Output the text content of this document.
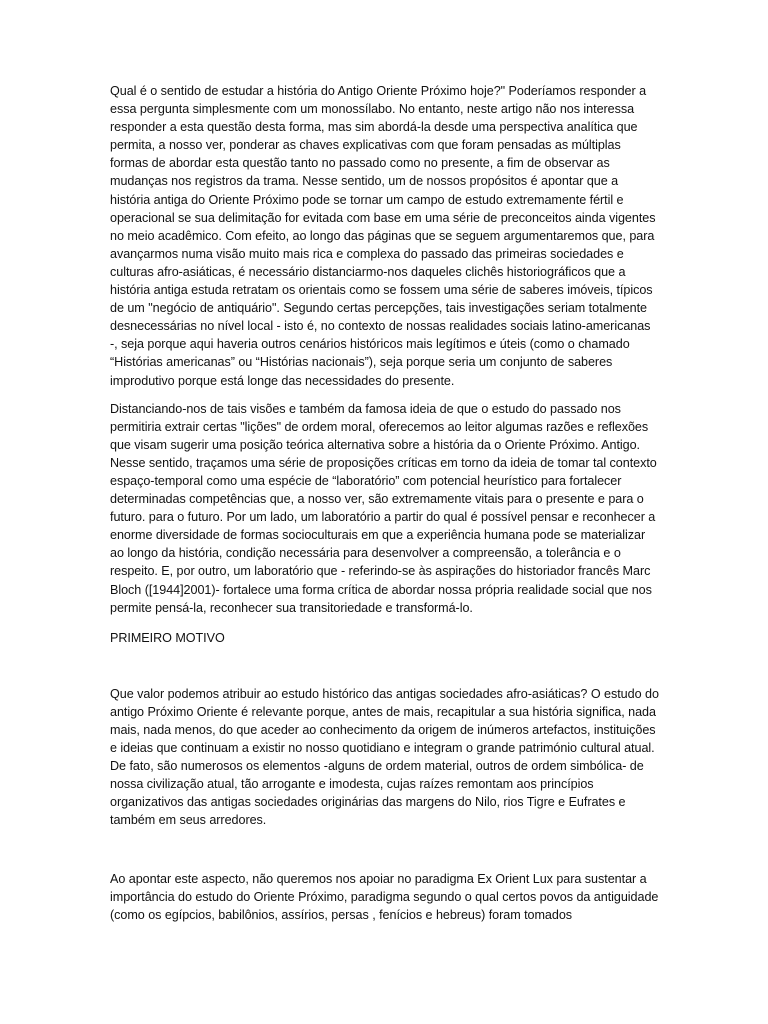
Qual é o sentido de estudar a história do Antigo Oriente Próximo hoje?" Poderíamos responder a essa pergunta simplesmente com um monossílabo. No entanto, neste artigo não nos interessa responder a esta questão desta forma, mas sim abordá-la desde uma perspectiva analítica que permita, a nosso ver, ponderar as chaves explicativas com que foram pensadas as múltiplas formas de abordar esta questão tanto no passado como no presente, a fim de observar as mudanças nos registros da trama. Nesse sentido, um de nossos propósitos é apontar que a história antiga do Oriente Próximo pode se tornar um campo de estudo extremamente fértil e operacional se sua delimitação for evitada com base em uma série de preconceitos ainda vigentes no meio acadêmico. Com efeito, ao longo das páginas que se seguem argumentaremos que, para avançarmos numa visão muito mais rica e complexa do passado das primeiras sociedades e culturas afro-asiáticas, é necessário distanciarmo-nos daqueles clichês historiográficos que a história antiga estuda retratam os orientais como se fossem uma série de saberes imóveis, típicos de um "negócio de antiquário". Segundo certas percepções, tais investigações seriam totalmente desnecessárias no nível local - isto é, no contexto de nossas realidades sociais latino-americanas -, seja porque aqui haveria outros cenários históricos mais legítimos e úteis (como o chamado “Histórias americanas” ou “Histórias nacionais”), seja porque seria um conjunto de saberes improdutivo porque está longe das necessidades do presente.

Distanciando-nos de tais visões e também da famosa ideia de que o estudo do passado nos permitiria extrair certas "lições" de ordem moral, oferecemos ao leitor algumas razões e reflexões que visam sugerir uma posição teórica alternativa sobre a história da o Oriente Próximo. Antigo. Nesse sentido, traçamos uma série de proposições críticas em torno da ideia de tomar tal contexto espaço-temporal como uma espécie de “laboratório” com potencial heurístico para fortalecer determinadas competências que, a nosso ver, são extremamente vitais para o presente e para o futuro. para o futuro. Por um lado, um laboratório a partir do qual é possível pensar e reconhecer a enorme diversidade de formas socioculturais em que a experiência humana pode se materializar ao longo da história, condição necessária para desenvolver a compreensão, a tolerância e o respeito. E, por outro, um laboratório que - referindo-se às aspirações do historiador francês Marc Bloch ([1944]2001)- fortalece uma forma crítica de abordar nossa própria realidade social que nos permite pensá-la, reconhecer sua transitoriedade e transformá-lo.

PRIMEIRO MOTIVO

Que valor podemos atribuir ao estudo histórico das antigas sociedades afro-asiáticas? O estudo do antigo Próximo Oriente é relevante porque, antes de mais, recapitular a sua história significa, nada mais, nada menos, do que aceder ao conhecimento da origem de inúmeros artefactos, instituições e ideias que continuam a existir no nosso quotidiano e integram o grande património cultural atual. De fato, são numerosos os elementos -alguns de ordem material, outros de ordem simbólica- de nossa civilização atual, tão arrogante e imodesta, cujas raízes remontam aos princípios organizativos das antigas sociedades originárias das margens do Nilo, rios Tigre e Eufrates e também em seus arredores.

Ao apontar este aspecto, não queremos nos apoiar no paradigma Ex Orient Lux para sustentar a importância do estudo do Oriente Próximo, paradigma segundo o qual certos povos da antiguidade (como os egípcios, babilônios, assírios, persas , fenícios e hebreus) foram tomados
